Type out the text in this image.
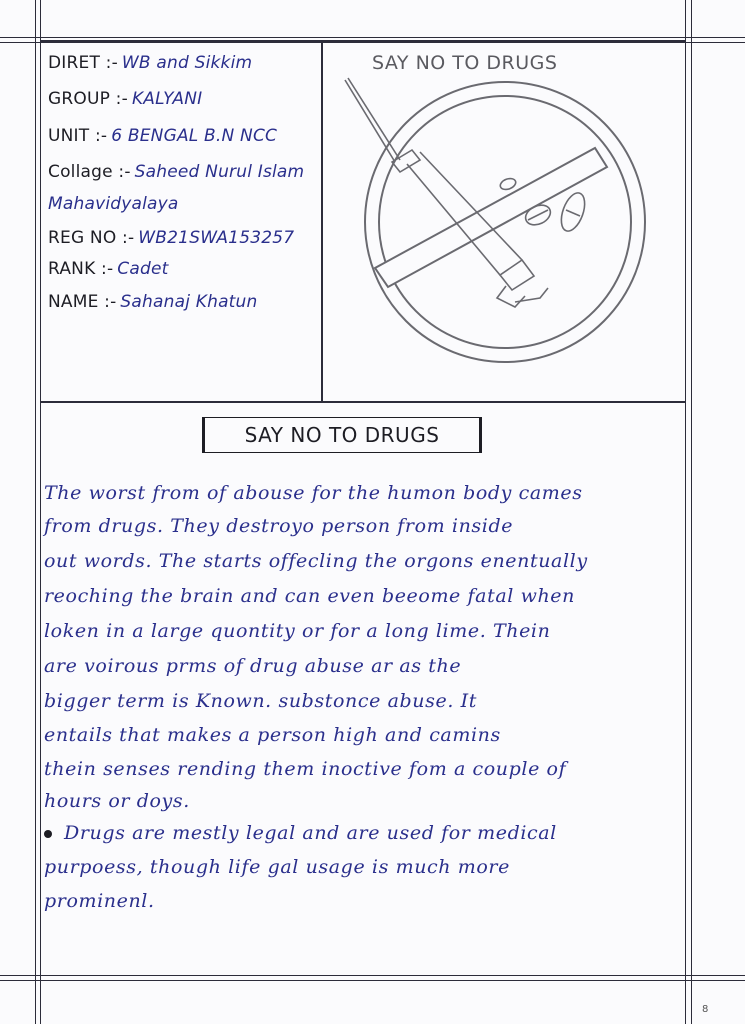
DIRET :- WB and Sikkim
GROUP :- KALYANI
UNIT :- 6 BENGAL B.N NCC
Collage :- Saheed Nurul Islam
Mahavidyalaya
REG NO :- WB21SWA153257
RANK :- Cadet
NAME :- Sahanaj Khatun
SAY NO TO DRUGS
SAY NO TO DRUGS
The worst from of abouse for the humon body cames
from drugs. They destroyo person from inside
out words. The starts offecling the orgons enentually
reoching the brain and can even beeome fatal when
loken in a large quontity or for a long lime. Thein
are voirous prms of drug abuse ar as the
bigger term is Known. substonce abuse. It
entails that makes a person high and camins
thein senses rending them inoctive fom a couple of
hours or doys.
Drugs are mestly legal and are used for medical
purpoess, though life gal usage is much more
prominenl.
8
